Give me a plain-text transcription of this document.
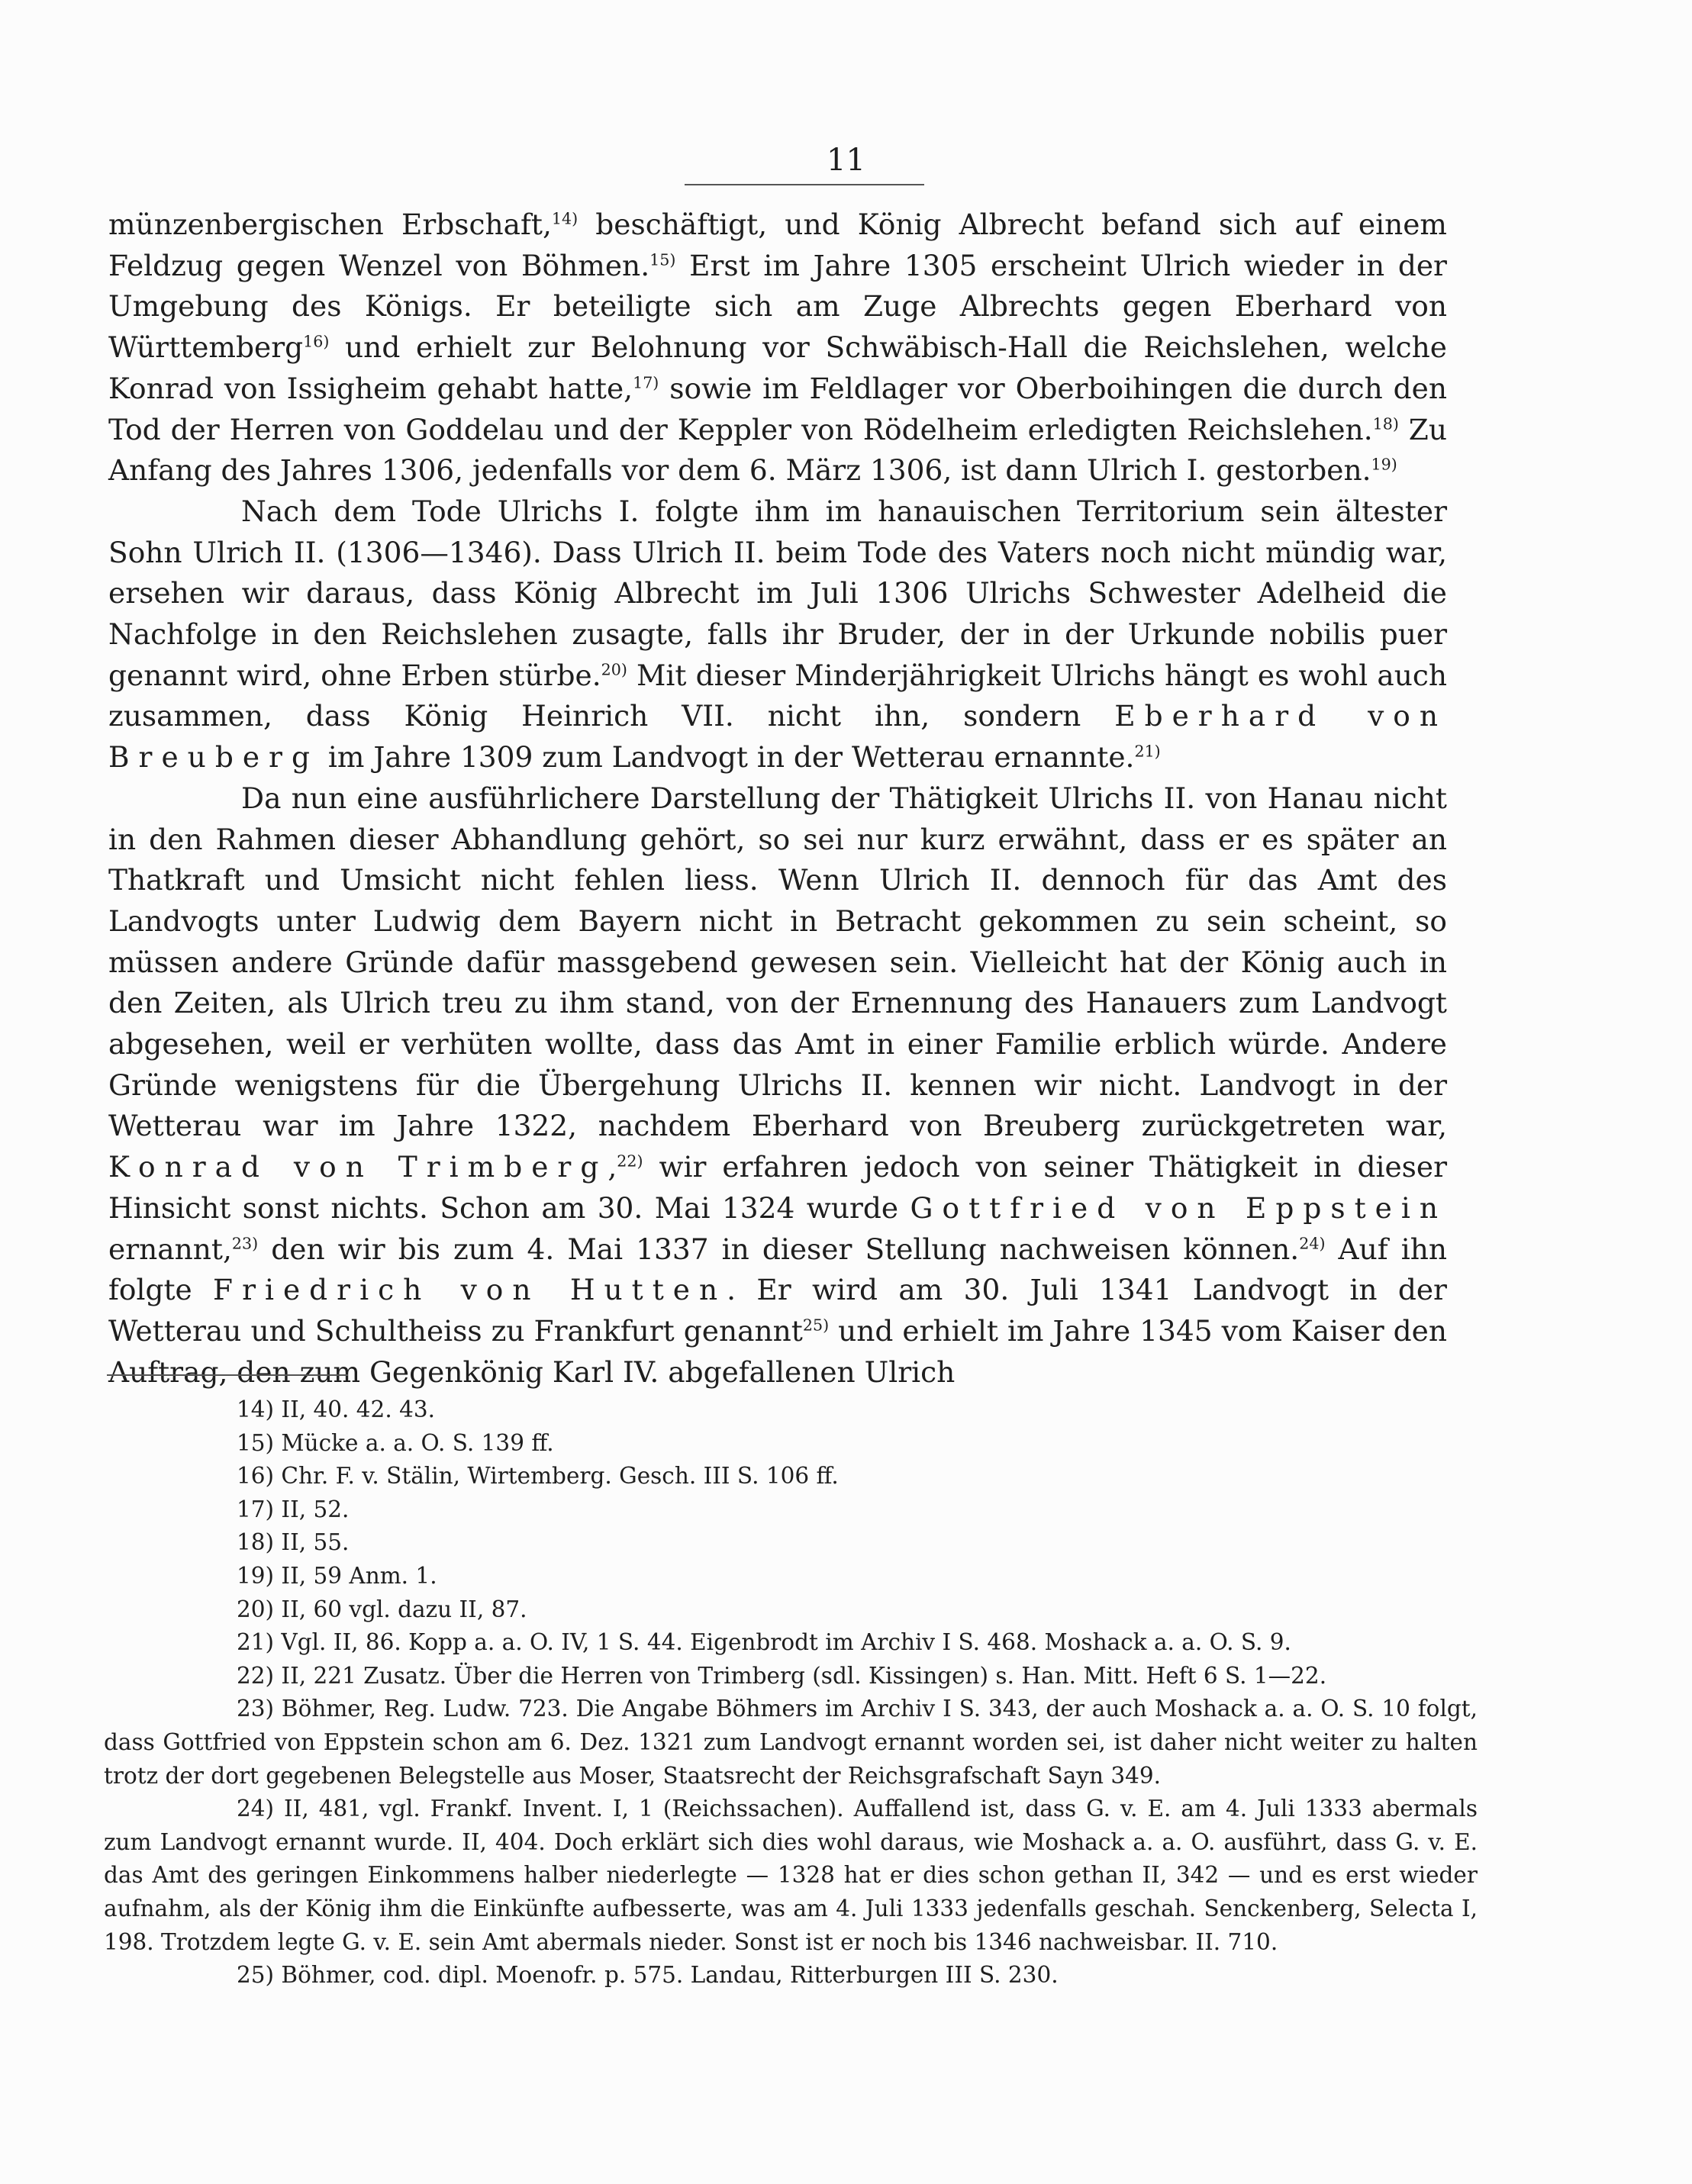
11

münzenbergischen Erbschaft,$^{14)}$ beschäftigt, und König Albrecht befand sich auf einem Feldzug gegen Wenzel von Böhmen.$^{15)}$ Erst im Jahre 1305 erscheint Ulrich wieder in der Umgebung des Königs. Er beteiligte sich am Zuge Albrechts gegen Eberhard von Württemberg$^{16)}$ und erhielt zur Belohnung vor Schwäbisch-Hall die Reichslehen, welche Konrad von Issigheim gehabt hatte,$^{17)}$ sowie im Feldlager vor Oberboihingen die durch den Tod der Herren von Goddelau und der Keppler von Rödelheim erledigten Reichslehen.$^{18)}$ Zu Anfang des Jahres 1306, jedenfalls vor dem 6. März 1306, ist dann Ulrich I. gestorben.$^{19)}$

Nach dem Tode Ulrichs I. folgte ihm im hanauischen Territorium sein ältester Sohn Ulrich II. (1306—1346). Dass Ulrich II. beim Tode des Vaters noch nicht mündig war, ersehen wir daraus, dass König Albrecht im Juli 1306 Ulrichs Schwester Adelheid die Nachfolge in den Reichslehen zusagte, falls ihr Bruder, der in der Urkunde nobilis puer genannt wird, ohne Erben stürbe.$^{20)}$ Mit dieser Minderjährigkeit Ulrichs hängt es wohl auch zusammen, dass König Heinrich VII. nicht ihn, sondern Eberhard von Breuberg im Jahre 1309 zum Landvogt in der Wetterau ernannte.$^{21)}$

Da nun eine ausführlichere Darstellung der Thätigkeit Ulrichs II. von Hanau nicht in den Rahmen dieser Abhandlung gehört, so sei nur kurz erwähnt, dass er es später an Thatkraft und Umsicht nicht fehlen liess. Wenn Ulrich II. dennoch für das Amt des Landvogts unter Ludwig dem Bayern nicht in Betracht gekommen zu sein scheint, so müssen andere Gründe dafür massgebend gewesen sein. Vielleicht hat der König auch in den Zeiten, als Ulrich treu zu ihm stand, von der Ernennung des Hanauers zum Landvogt abgesehen, weil er verhüten wollte, dass das Amt in einer Familie erblich würde. Andere Gründe wenigstens für die Übergehung Ulrichs II. kennen wir nicht. Landvogt in der Wetterau war im Jahre 1322, nachdem Eberhard von Breuberg zurückgetreten war, Konrad von Trimberg,$^{22)}$ wir erfahren jedoch von seiner Thätigkeit in dieser Hinsicht sonst nichts. Schon am 30. Mai 1324 wurde Gottfried von Eppstein ernannt,$^{23)}$ den wir bis zum 4. Mai 1337 in dieser Stellung nachweisen können.$^{24)}$ Auf ihn folgte Friedrich von Hutten. Er wird am 30. Juli 1341 Landvogt in der Wetterau und Schultheiss zu Frankfurt genannt$^{25)}$ und erhielt im Jahre 1345 vom Kaiser den Auftrag, den zum Gegenkönig Karl IV. abgefallenen Ulrich

14) II, 40. 42. 43.

15) Mücke a. a. O. S. 139 ff.

16) Chr. F. v. Stälin, Wirtemberg. Gesch. III S. 106 ff.

17) II, 52.

18) II, 55.

19) II, 59 Anm. 1.

20) II, 60 vgl. dazu II, 87.

21) Vgl. II, 86. Kopp a. a. O. IV, 1 S. 44. Eigenbrodt im Archiv I S. 468. Moshack a. a. O. S. 9.

22) II, 221 Zusatz. Über die Herren von Trimberg (sdl. Kissingen) s. Han. Mitt. Heft 6 S. 1—22.

23) Böhmer, Reg. Ludw. 723. Die Angabe Böhmers im Archiv I S. 343, der auch Moshack a. a. O. S. 10 folgt, dass Gottfried von Eppstein schon am 6. Dez. 1321 zum Landvogt ernannt worden sei, ist daher nicht weiter zu halten trotz der dort gegebenen Belegstelle aus Moser, Staatsrecht der Reichsgrafschaft Sayn 349.

24) II, 481, vgl. Frankf. Invent. I, 1 (Reichssachen). Auffallend ist, dass G. v. E. am 4. Juli 1333 abermals zum Landvogt ernannt wurde. II, 404. Doch erklärt sich dies wohl daraus, wie Moshack a. a. O. ausführt, dass G. v. E. das Amt des geringen Einkommens halber niederlegte — 1328 hat er dies schon gethan II, 342 — und es erst wieder aufnahm, als der König ihm die Einkünfte aufbesserte, was am 4. Juli 1333 jedenfalls geschah. Senckenberg, Selecta I, 198. Trotzdem legte G. v. E. sein Amt abermals nieder. Sonst ist er noch bis 1346 nachweisbar. II. 710.

25) Böhmer, cod. dipl. Moenofr. p. 575. Landau, Ritterburgen III S. 230.
